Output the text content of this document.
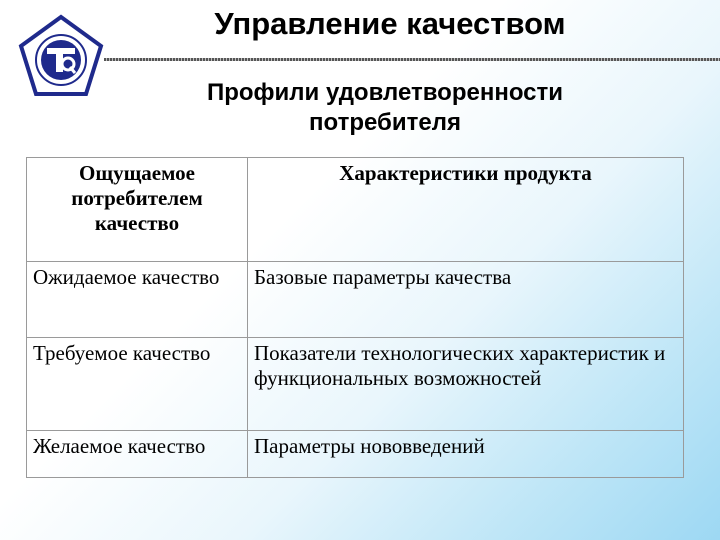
Управление качеством
Профили удовлетворенности потребителя
Ощущаемое потребителем качество	Характеристики продукта
Ожидаемое качество	Базовые параметры качества
Требуемое качество	Показатели технологических характеристик и функциональных возможностей
Желаемое качество	Параметры нововведений
